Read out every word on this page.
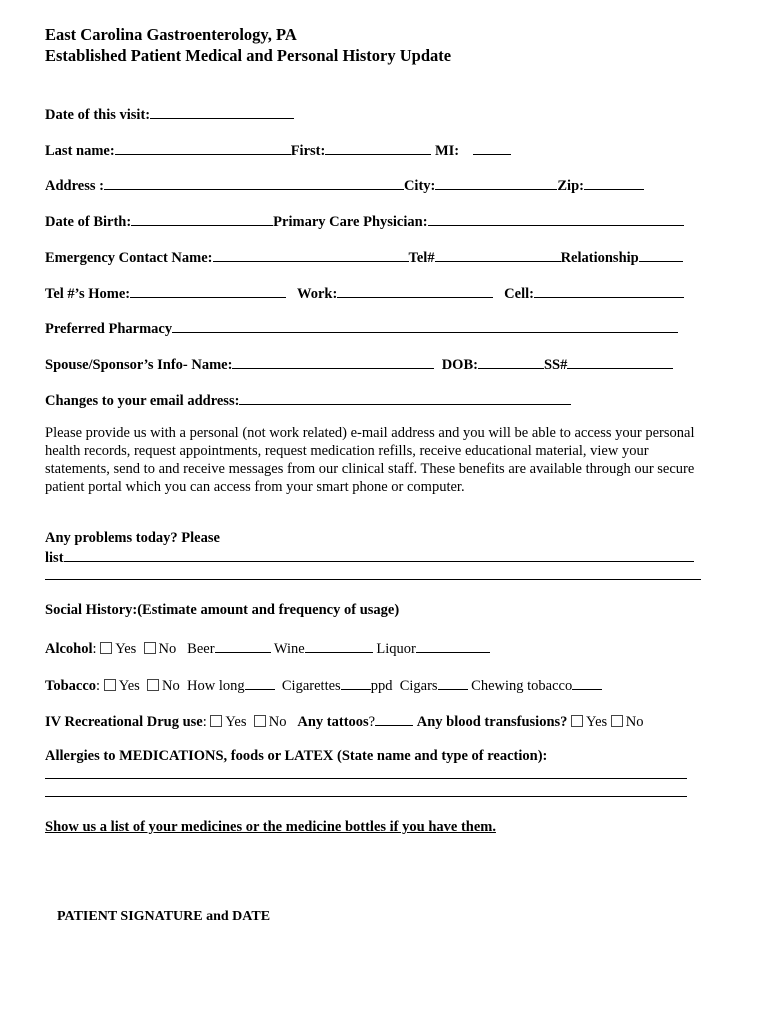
East Carolina Gastroenterology, PA
Established Patient Medical and Personal History Update
Date of this visit:
Last name:	First:	MI:
Address :	City:	Zip:
Date of Birth:	Primary Care Physician:
Emergency Contact Name:	Tel#	Relationship
Tel #’s Home:	Work:	Cell:
Preferred Pharmacy
Spouse/Sponsor’s Info- Name:	DOB:	SS#
Changes to your email address:
Please provide us with a personal (not work related) e-mail address and you will be able to access your personal health records, request appointments, request medication refills, receive educational material, view your statements, send to and receive messages from our clinical staff. These benefits are available through our secure patient portal which you can access from your smart phone or computer.
Any problems today? Please
list
Social History:(Estimate amount and frequency of usage)
Alcohol: Yes No Beer	Wine	Liquor
Tobacco: Yes No How long	Cigarettes ppd Cigars Chewing tobacco
IV Recreational Drug use: Yes No Any tattoos?	Any blood transfusions? Yes No
Allergies to MEDICATIONS, foods or LATEX (State name and type of reaction):
Show us a list of your medicines or the medicine bottles if you have them.
PATIENT SIGNATURE and DATE
